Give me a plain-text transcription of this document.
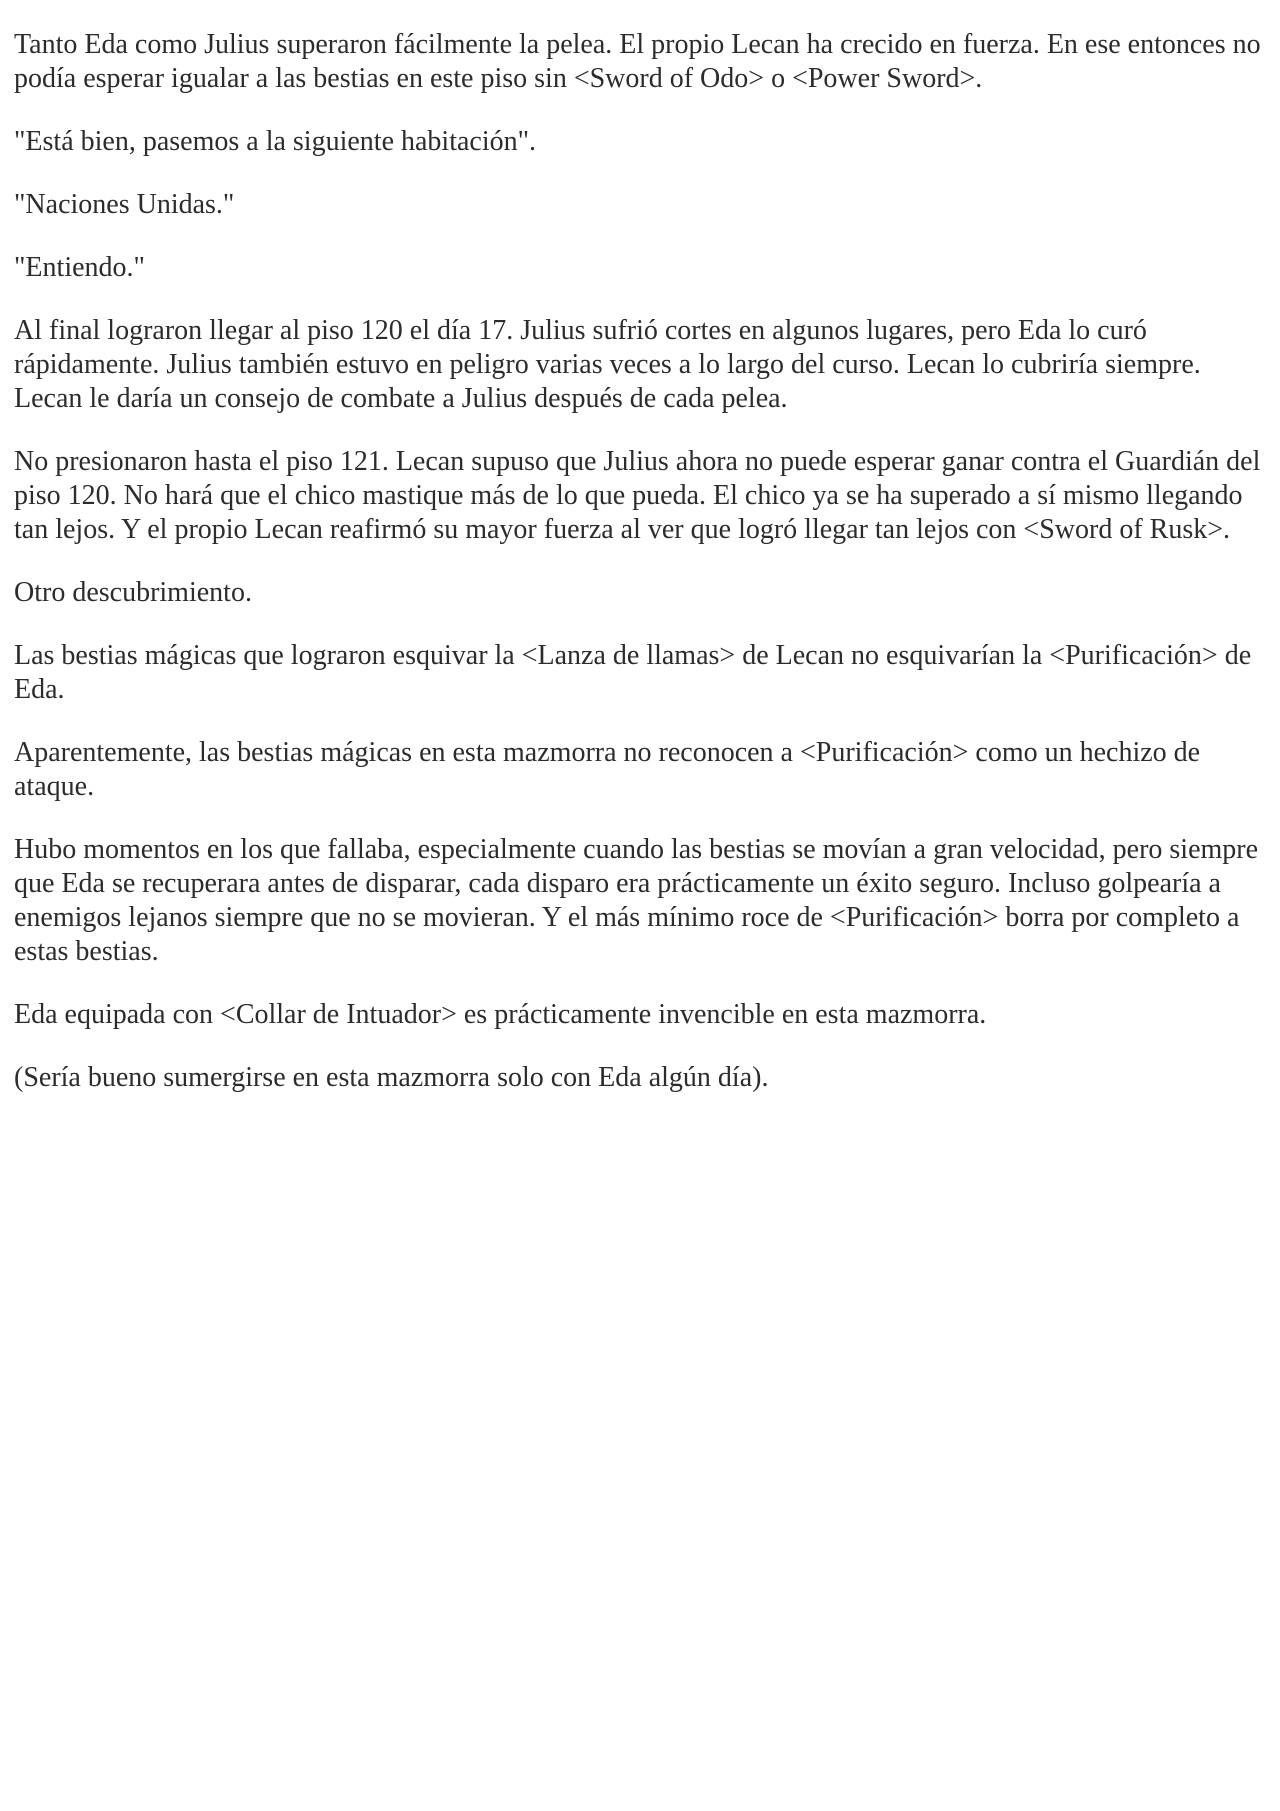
Tanto Eda como Julius superaron fácilmente la pelea. El propio Lecan ha crecido en fuerza. En ese entonces no podía esperar igualar a las bestias en este piso sin <Sword of Odo> o <Power Sword>.

"Está bien, pasemos a la siguiente habitación".

"Naciones Unidas."

"Entiendo."

Al final lograron llegar al piso 120 el día 17. Julius sufrió cortes en algunos lugares, pero Eda lo curó rápidamente. Julius también estuvo en peligro varias veces a lo largo del curso. Lecan lo cubriría siempre. Lecan le daría un consejo de combate a Julius después de cada pelea.

No presionaron hasta el piso 121. Lecan supuso que Julius ahora no puede esperar ganar contra el Guardián del piso 120. No hará que el chico mastique más de lo que pueda. El chico ya se ha superado a sí mismo llegando tan lejos. Y el propio Lecan reafirmó su mayor fuerza al ver que logró llegar tan lejos con <Sword of Rusk>.

Otro descubrimiento.

Las bestias mágicas que lograron esquivar la <Lanza de llamas> de Lecan no esquivarían la <Purificación> de Eda.

Aparentemente, las bestias mágicas en esta mazmorra no reconocen a <Purificación> como un hechizo de ataque.

Hubo momentos en los que fallaba, especialmente cuando las bestias se movían a gran velocidad, pero siempre que Eda se recuperara antes de disparar, cada disparo era prácticamente un éxito seguro. Incluso golpearía a enemigos lejanos siempre que no se movieran. Y el más mínimo roce de <Purificación> borra por completo a estas bestias.

Eda equipada con <Collar de Intuador> es prácticamente invencible en esta mazmorra.

(Sería bueno sumergirse en esta mazmorra solo con Eda algún día).
